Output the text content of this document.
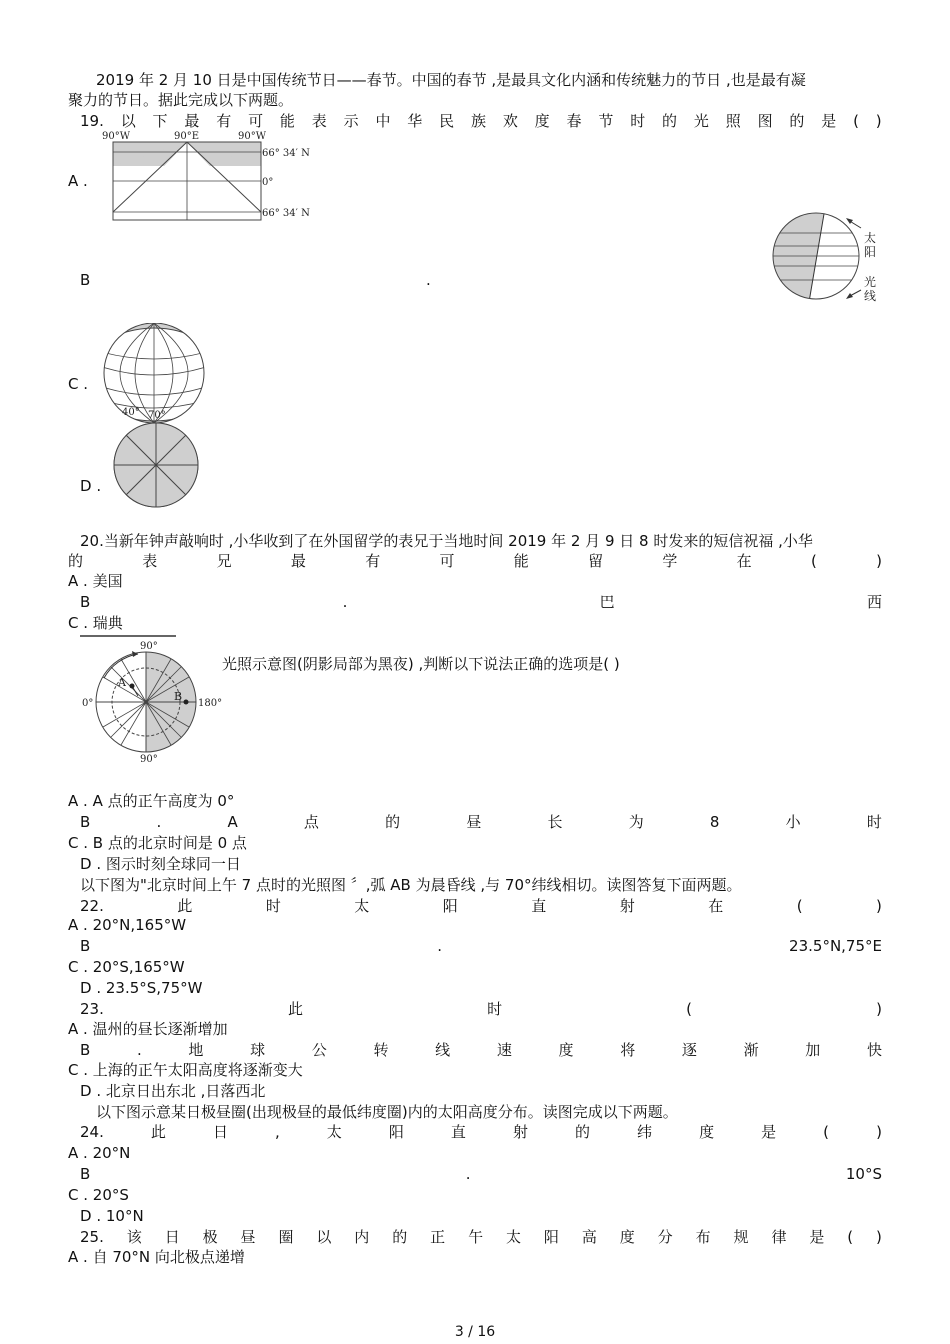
2019 年 2 月 10 日是中国传统节日——春节。中国的春节 ,是最具文化内涵和传统魅力的节日 ,也是最有凝
聚力的节日。据此完成以下两题。
19. 以 下 最 有 可 能 表 示 中 华 民 族 欢 度 春 节 时 的 光 照 图 的 是 ( )
A .
90°W	90°E	90°W
66° 34′ N
0°
66° 34′ N
B	.
太
阳
光
线
C .
40° 70°
D .
20.当新年钟声敲响时 ,小华收到了在外国留学的表兄于当地时间 2019 年 2 月 9 日 8 时发来的短信祝福 ,小华
的	表	兄	最	有	可	能	留	学	在	(	)
A . 美国
B	.	巴	西
C . 瑞典
90°
90°
0°	180°
A
B
光照示意图(阴影局部为黑夜) ,判断以下说法正确的选项是( )
A . A 点的正午高度为 0°
B	.	A	点	的	昼	长	为	8	小	时
C . B 点的北京时间是 0 点
D . 图示时刻全球同一日
以下图为"北京时间上午 7 点时的光照图 〞,弧 AB 为晨昏线 ,与 70°纬线相切。读图答复下面两题。
22.	此	时	太	阳	直	射	在	(	)
A . 20°N,165°W
B	.	23.5°N,75°E
C . 20°S,165°W
D . 23.5°S,75°W
23.	此	时	(	)
A . 温州的昼长逐渐增加
B	.	地	球	公	转	线	速	度	将	逐	渐	加	快
C . 上海的正午太阳高度将逐渐变大
D . 北京日出东北 ,日落西北
以下图示意某日极昼圈(出现极昼的最低纬度圈)内的太阳高度分布。读图完成以下两题。
24.	此	日	,	太	阳	直	射	的	纬	度	是	(	)
A . 20°N
B	.	10°S
C . 20°S
D . 10°N
25. 该 日 极 昼 圈 以 内 的 正 午 太 阳 高 度 分 布 规 律 是 ( )
A . 自 70°N 向北极点递增
3 / 16
